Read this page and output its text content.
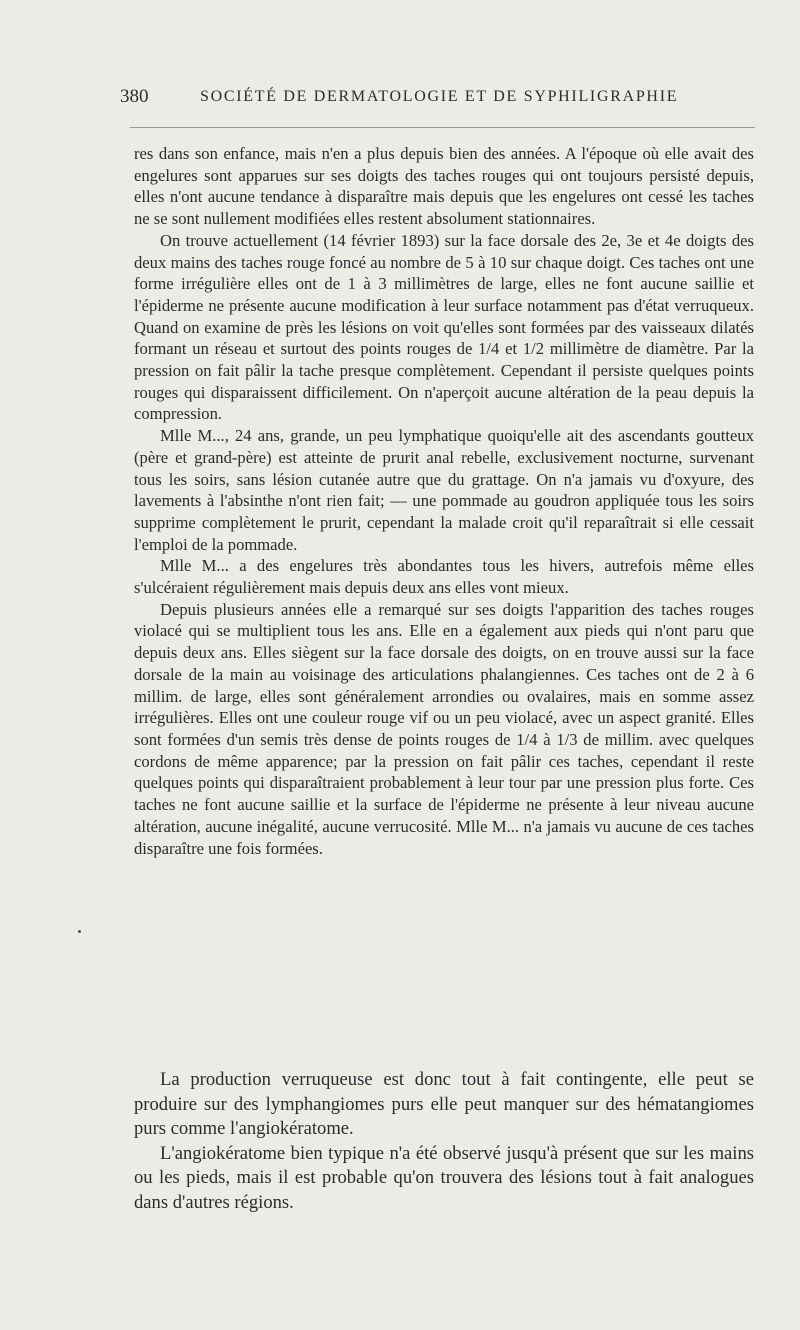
380	SOCIÉTÉ DE DERMATOLOGIE ET DE SYPHILIGRAPHIE

res dans son enfance, mais n'en a plus depuis bien des années. A l'époque où elle avait des engelures sont apparues sur ses doigts des taches rouges qui ont toujours persisté depuis, elles n'ont aucune tendance à disparaître mais depuis que les engelures ont cessé les taches ne se sont nullement modifiées elles restent absolument stationnaires.

On trouve actuellement (14 février 1893) sur la face dorsale des 2e, 3e et 4e doigts des deux mains des taches rouge foncé au nombre de 5 à 10 sur chaque doigt. Ces taches ont une forme irrégulière elles ont de 1 à 3 millimètres de large, elles ne font aucune saillie et l'épiderme ne présente aucune modification à leur surface notamment pas d'état verruqueux. Quand on examine de près les lésions on voit qu'elles sont formées par des vaisseaux dilatés formant un réseau et surtout des points rouges de 1/4 et 1/2 millimètre de diamètre. Par la pression on fait pâlir la tache presque complètement. Cependant il persiste quelques points rouges qui disparaissent difficilement. On n'aperçoit aucune altération de la peau depuis la compression.

Mlle M..., 24 ans, grande, un peu lymphatique quoiqu'elle ait des ascendants goutteux (père et grand-père) est atteinte de prurit anal rebelle, exclusivement nocturne, survenant tous les soirs, sans lésion cutanée autre que du grattage. On n'a jamais vu d'oxyure, des lavements à l'absinthe n'ont rien fait; — une pommade au goudron appliquée tous les soirs supprime complètement le prurit, cependant la malade croit qu'il reparaîtrait si elle cessait l'emploi de la pommade.

Mlle M... a des engelures très abondantes tous les hivers, autrefois même elles s'ulcéraient régulièrement mais depuis deux ans elles vont mieux.

Depuis plusieurs années elle a remarqué sur ses doigts l'apparition des taches rouges violacé qui se multiplient tous les ans. Elle en a également aux pieds qui n'ont paru que depuis deux ans. Elles siègent sur la face dorsale des doigts, on en trouve aussi sur la face dorsale de la main au voisinage des articulations phalangiennes. Ces taches ont de 2 à 6 millim. de large, elles sont généralement arrondies ou ovalaires, mais en somme assez irrégulières. Elles ont une couleur rouge vif ou un peu violacé, avec un aspect granité. Elles sont formées d'un semis très dense de points rouges de 1/4 à 1/3 de millim. avec quelques cordons de même apparence; par la pression on fait pâlir ces taches, cependant il reste quelques points qui disparaîtraient probablement à leur tour par une pression plus forte. Ces taches ne font aucune saillie et la surface de l'épiderme ne présente à leur niveau aucune altération, aucune inégalité, aucune verrucosité. Mlle M... n'a jamais vu aucune de ces taches disparaître une fois formées.

La production verruqueuse est donc tout à fait contingente, elle peut se produire sur des lymphangiomes purs elle peut manquer sur des hématangiomes purs comme l'angiokératome.

L'angiokératome bien typique n'a été observé jusqu'à présent que sur les mains ou les pieds, mais il est probable qu'on trouvera des lésions tout à fait analogues dans d'autres régions.
